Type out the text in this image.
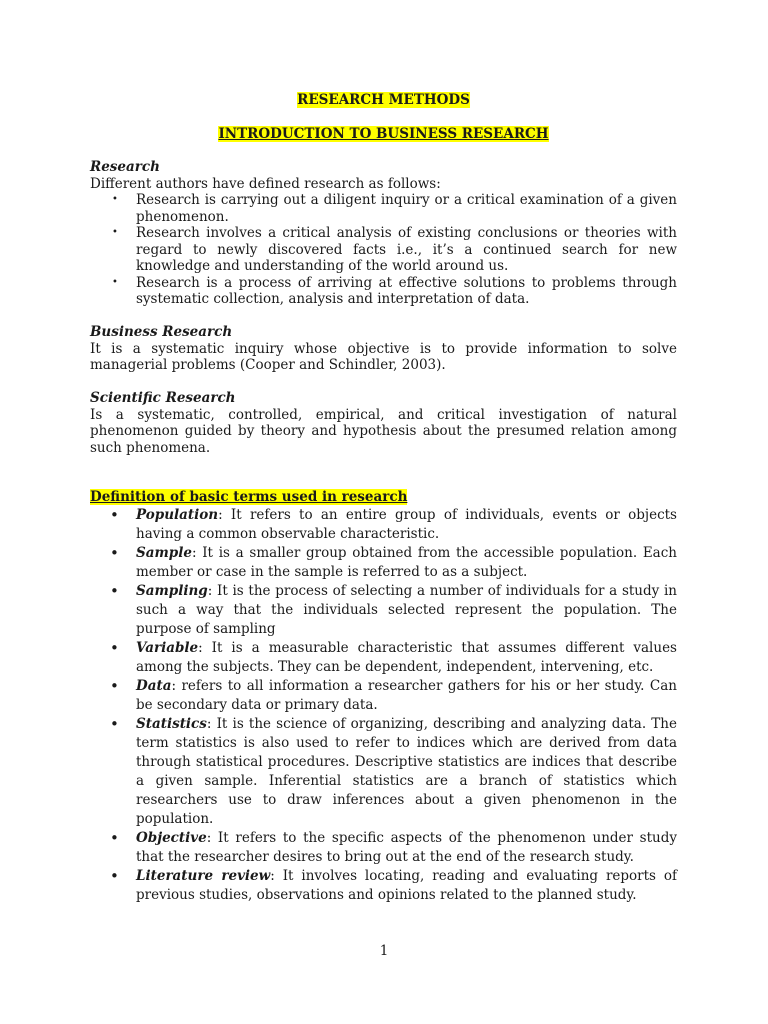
RESEARCH METHODS

INTRODUCTION TO BUSINESS RESEARCH

Research

Different authors have defined research as follows:

• Research is carrying out a diligent inquiry or a critical examination of a given phenomenon.
• Research involves a critical analysis of existing conclusions or theories with regard to newly discovered facts i.e., it’s a continued search for new knowledge and understanding of the world around us.
• Research is a process of arriving at effective solutions to problems through systematic collection, analysis and interpretation of data.

Business Research

It is a systematic inquiry whose objective is to provide information to solve managerial problems (Cooper and Schindler, 2003).

Scientific Research

Is a systematic, controlled, empirical, and critical investigation of natural phenomenon guided by theory and hypothesis about the presumed relation among such phenomena.

Definition of basic terms used in research

• Population: It refers to an entire group of individuals, events or objects having a common observable characteristic.
• Sample: It is a smaller group obtained from the accessible population. Each member or case in the sample is referred to as a subject.
• Sampling: It is the process of selecting a number of individuals for a study in such a way that the individuals selected represent the population. The purpose of sampling
• Variable: It is a measurable characteristic that assumes different values among the subjects. They can be dependent, independent, intervening, etc.
• Data: refers to all information a researcher gathers for his or her study. Can be secondary data or primary data.
• Statistics: It is the science of organizing, describing and analyzing data. The term statistics is also used to refer to indices which are derived from data through statistical procedures. Descriptive statistics are indices that describe a given sample. Inferential statistics are a branch of statistics which researchers use to draw inferences about a given phenomenon in the population.
• Objective: It refers to the specific aspects of the phenomenon under study that the researcher desires to bring out at the end of the research study.
• Literature review: It involves locating, reading and evaluating reports of previous studies, observations and opinions related to the planned study.
1
